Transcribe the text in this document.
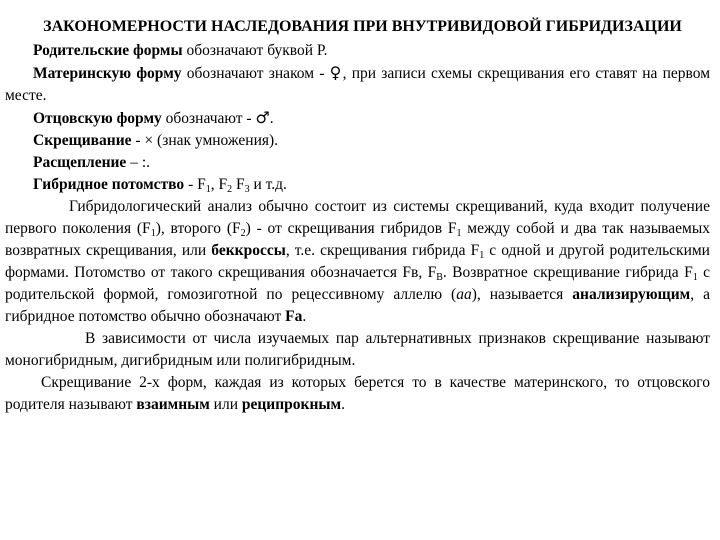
ЗАКОНОМЕРНОСТИ НАСЛЕДОВАНИЯ ПРИ ВНУТРИВИДОВОЙ ГИБРИДИЗАЦИИ

Родительские формы обозначают буквой Р.

Материнскую форму обозначают знаком - ♀, при записи схемы скрещивания его ставят на первом месте.

Отцовскую форму обозначают - ♂.

Скрещивание - × (знак умножения).

Расщепление – :.

Гибридное потомство - $F_1$, $F_2$ $F_3$ и т.д.

Гибридологический анализ обычно состоит из системы скрещиваний, куда входит получение первого поколения $(F_1)$, второго $(F_2)$ - от скрещивания гибридов $F_1$ между собой и два так называемых возвратных скрещивания, или беккроссы, т.е. скрещивания гибрида $F_1$ с одной и другой родительскими формами. Потомство от такого скрещивания обозначается Fв, $F_B$. Возвратное скрещивание гибрида $F_1$ с родительской формой, гомозиготной по рецессивному аллелю (аа), называется анализирующим, а гибридное потомство обычно обозначают Fa.

В зависимости от числа изучаемых пар альтернативных признаков скрещивание называют моногибридным, дигибридным или полигибридным.

Скрещивание 2-х форм, каждая из которых берется то в качестве материнского, то отцовского родителя называют взаимным или реципрокным.
